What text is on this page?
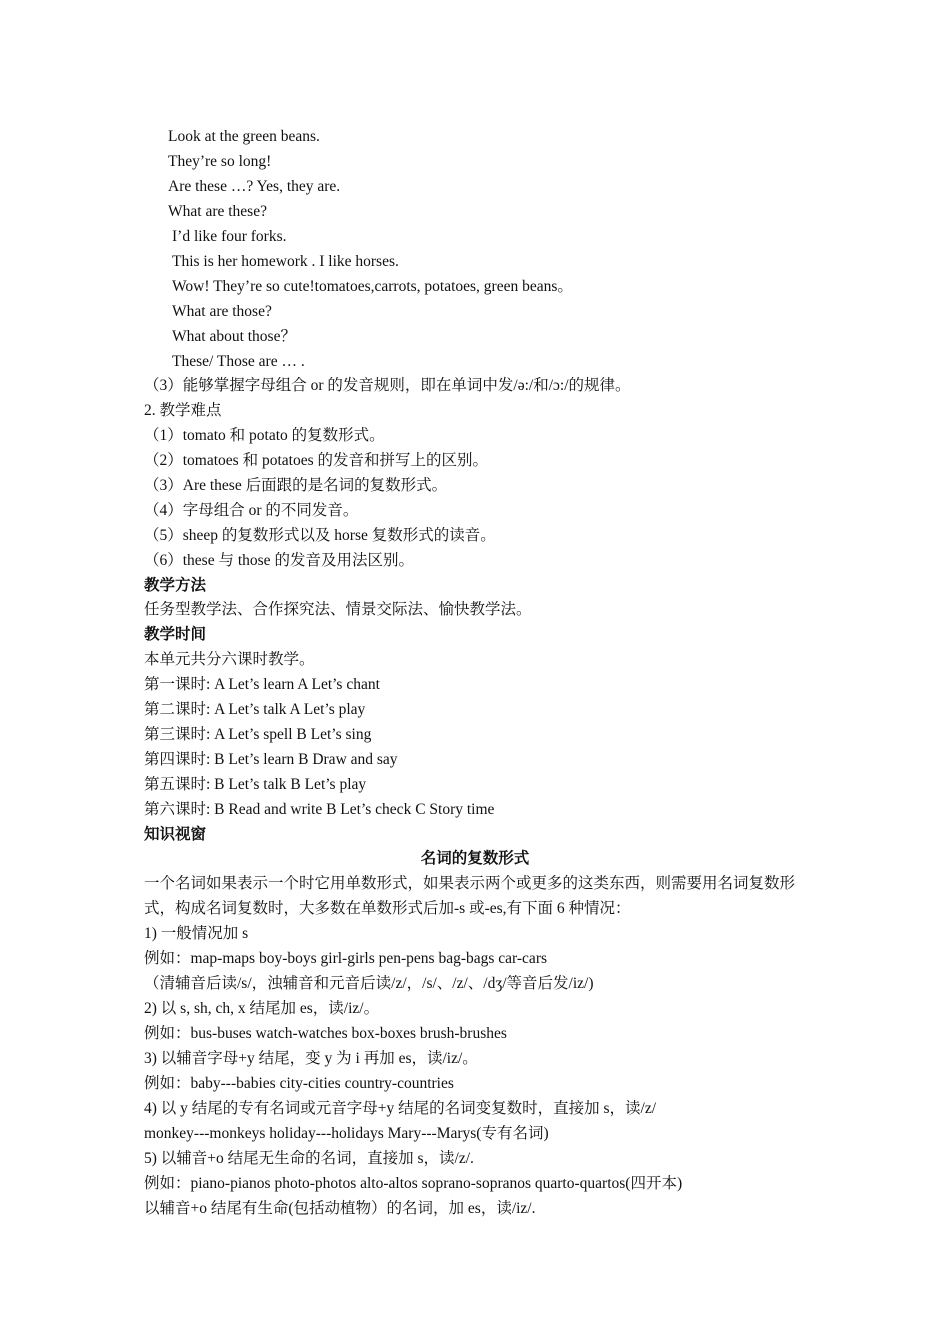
Look at the green beans.
They’re so long!
Are these …? Yes, they are.
What are these?
I’d like four forks.
This is her homework . I like horses.
Wow! They’re so cute!tomatoes,carrots, potatoes, green beans。
What are those?
What about those？
These/ Those are … .
（3）能够掌握字母组合 or 的发音规则，即在单词中发/ə:/和/ɔ:/的规律。
2. 教学难点
（1）tomato 和 potato 的复数形式。
（2）tomatoes 和 potatoes 的发音和拼写上的区别。
（3）Are these 后面跟的是名词的复数形式。
（4）字母组合 or 的不同发音。
（5）sheep 的复数形式以及 horse 复数形式的读音。
（6）these 与 those 的发音及用法区别。
教学方法
任务型教学法、合作探究法、情景交际法、愉快教学法。
教学时间
本单元共分六课时教学。
第一课时: A Let’s learn A Let’s chant
第二课时: A Let’s talk A Let’s play
第三课时: A Let’s spell B Let’s sing
第四课时: B Let’s learn B Draw and say
第五课时: B Let’s talk B Let’s play
第六课时: B Read and write B Let’s check C Story time
知识视窗
名词的复数形式
一个名词如果表示一个时它用单数形式，如果表示两个或更多的这类东西，则需要用名词复数形式，构成名词复数时，大多数在单数形式后加-s 或-es,有下面 6 种情况：
1) 一般情况加 s
例如：map-maps boy-boys girl-girls pen-pens bag-bags car-cars
（清辅音后读/s/，浊辅音和元音后读/z/，/s/、/z/、/dʒ/等音后发/iz/)
2) 以 s, sh, ch, x 结尾加 es，读/iz/。
例如：bus-buses watch-watches box-boxes brush-brushes
3) 以辅音字母+y 结尾，变 y 为 i 再加 es，读/iz/。
例如：baby---babies city-cities country-countries
4) 以 y 结尾的专有名词或元音字母+y 结尾的名词变复数时，直接加 s，读/z/
monkey---monkeys holiday---holidays Mary---Marys(专有名词)
5) 以辅音+o 结尾无生命的名词，直接加 s，读/z/.
例如：piano-pianos photo-photos alto-altos soprano-sopranos quarto-quartos(四开本)
以辅音+o 结尾有生命(包括动植物）的名词，加 es，读/iz/.
